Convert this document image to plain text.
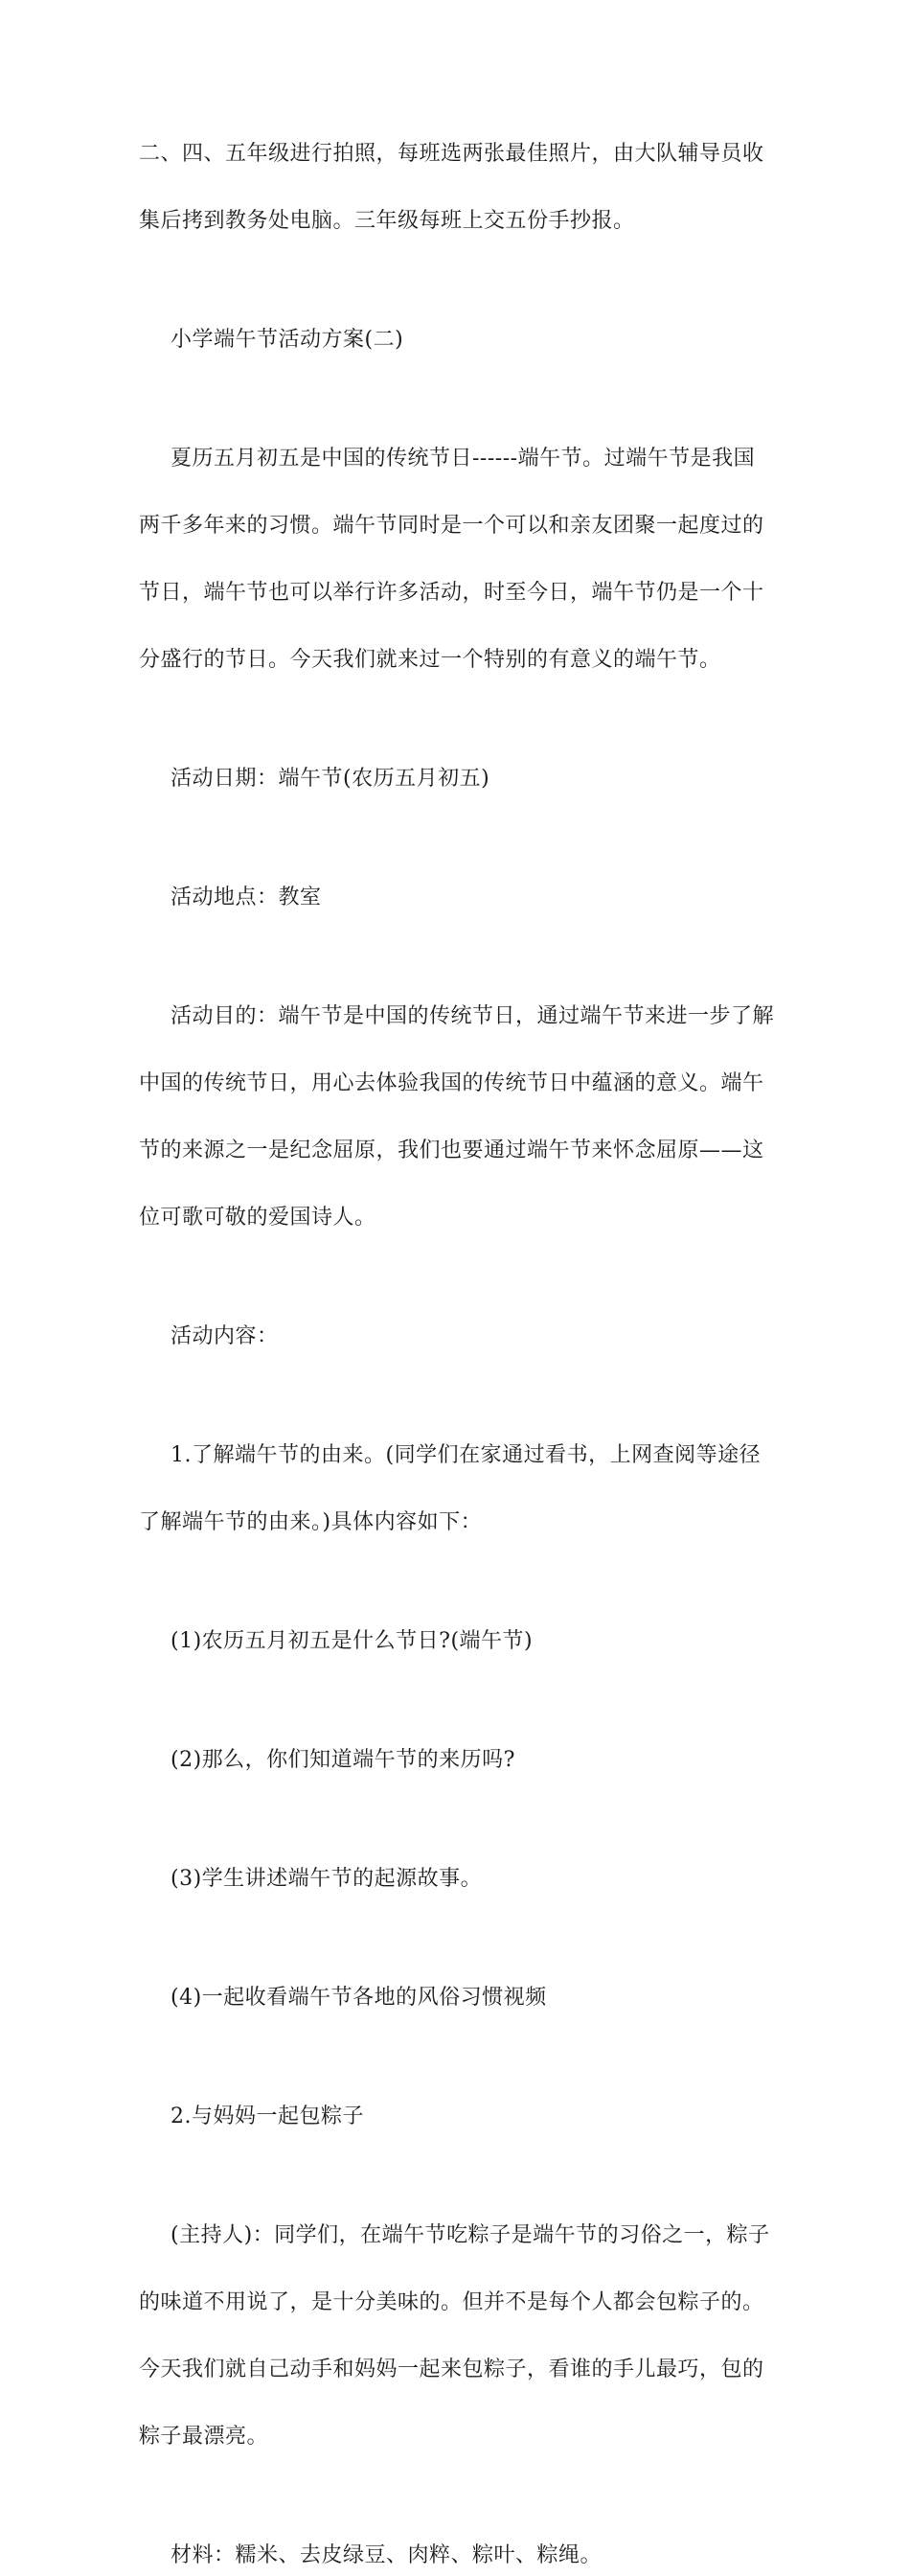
二、四、五年级进行拍照，每班选两张最佳照片，由大队辅导员收

集后拷到教务处电脑。三年级每班上交五份手抄报。

小学端午节活动方案(二)

夏历五月初五是中国的传统节日------端午节。过端午节是我国

两千多年来的习惯。端午节同时是一个可以和亲友团聚一起度过的

节日，端午节也可以举行许多活动，时至今日，端午节仍是一个十

分盛行的节日。今天我们就来过一个特别的有意义的端午节。

活动日期：端午节(农历五月初五)

活动地点：教室

活动目的：端午节是中国的传统节日，通过端午节来进一步了解

中国的传统节日，用心去体验我国的传统节日中蕴涵的意义。端午

节的来源之一是纪念屈原，我们也要通过端午节来怀念屈原——这

位可歌可敬的爱国诗人。

活动内容：

1.了解端午节的由来。(同学们在家通过看书，上网查阅等途径

了解端午节的由来。)具体内容如下：

(1)农历五月初五是什么节日?(端午节)

(2)那么，你们知道端午节的来历吗?

(3)学生讲述端午节的起源故事。

(4)一起收看端午节各地的风俗习惯视频

2.与妈妈一起包粽子

(主持人)：同学们，在端午节吃粽子是端午节的习俗之一，粽子

的味道不用说了，是十分美味的。但并不是每个人都会包粽子的。

今天我们就自己动手和妈妈一起来包粽子，看谁的手儿最巧，包的

粽子最漂亮。

材料：糯米、去皮绿豆、肉粹、粽叶、粽绳。
